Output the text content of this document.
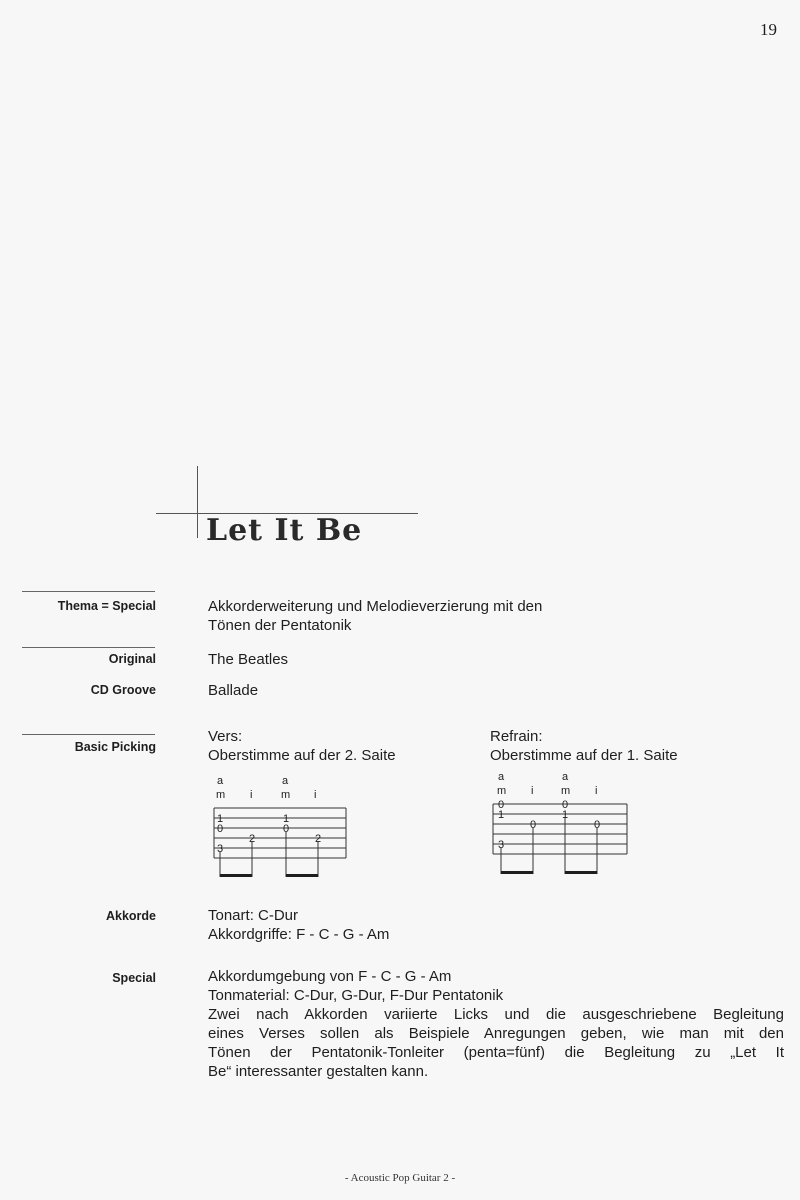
19
Let It Be
Thema = Special	Akkorderweiterung und Melodieverzierung mit den
Tönen der Pentatonik
Original	The Beatles
CD Groove	Ballade
Basic Picking
Vers:
Oberstimme auf der 2. Saite
Refrain:
Oberstimme auf der 1. Saite
a	a
m i	m i
1
0
3
2
1
0
2
a	a
m i	m i
0
1
3
0
0
1
0
Akkorde	Tonart: C-Dur
Akkordgriffe: F - C - G - Am
Special	Akkordumgebung von F - C - G - Am
Tonmaterial: C-Dur, G-Dur, F-Dur Pentatonik
Zwei nach Akkorden variierte Licks und die ausgeschriebene Begleitung
eines Verses sollen als Beispiele Anregungen geben, wie man mit den
Tönen der Pentatonik-Tonleiter (penta=fünf) die Begleitung zu „Let It
Be“ interessanter gestalten kann.
- Acoustic Pop Guitar 2 -
